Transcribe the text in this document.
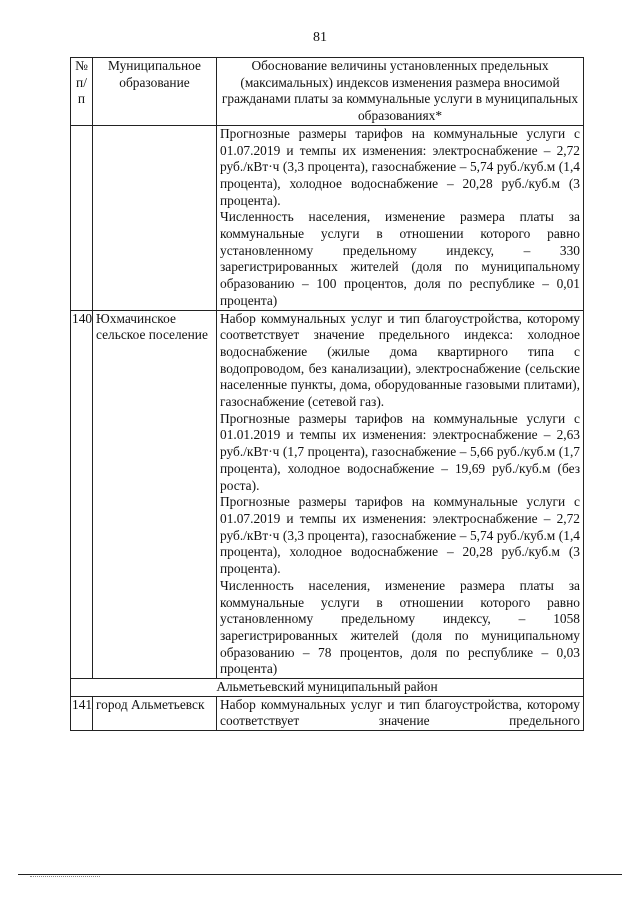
81
№ п/п	Муниципальное образование	Обоснование величины установленных предельных (максимальных) индексов изменения размера вносимой гражданами платы за коммунальные услуги в муниципальных образованиях*

		Прогнозные размеры тарифов на коммунальные услуги с 01.07.2019 и темпы их изменения: электроснабжение – 2,72 руб./кВт·ч (3,3 процента), газоснабжение – 5,74 руб./куб.м (1,4 процента), холодное водоснабжение – 20,28 руб./куб.м (3 процента).

Численность населения, изменение размера платы за коммунальные услуги в отношении которого равно установленному предельному индексу, – 330 зарегистрированных жителей (доля по муниципальному образованию – 100 процентов, доля по республике – 0,01 процента)

140	Юхмачинское сельское поселение	Набор коммунальных услуг и тип благоустройства, которому соответствует значение предельного индекса: холодное водоснабжение (жилые дома квартирного типа с водопроводом, без канализации), электроснабжение (сельские населенные пункты, дома, оборудованные газовыми плитами), газоснабжение (сетевой газ).

Прогнозные размеры тарифов на коммунальные услуги с 01.01.2019 и темпы их изменения: электроснабжение – 2,63 руб./кВт·ч (1,7 процента), газоснабжение – 5,66 руб./куб.м (1,7 процента), холодное водоснабжение – 19,69 руб./куб.м (без роста).

Прогнозные размеры тарифов на коммунальные услуги с 01.07.2019 и темпы их изменения: электроснабжение – 2,72 руб./кВт·ч (3,3 процента), газоснабжение – 5,74 руб./куб.м (1,4 процента), холодное водоснабжение – 20,28 руб./куб.м (3 процента).

Численность населения, изменение размера платы за коммунальные услуги в отношении которого равно установленному предельному индексу, – 1058 зарегистрированных жителей (доля по муниципальному образованию – 78 процентов, доля по республике – 0,03 процента)

Альметьевский муниципальный район		
141	город Альметьевск	Набор коммунальных услуг и тип благоустройства, которому соответствует значение предельного
